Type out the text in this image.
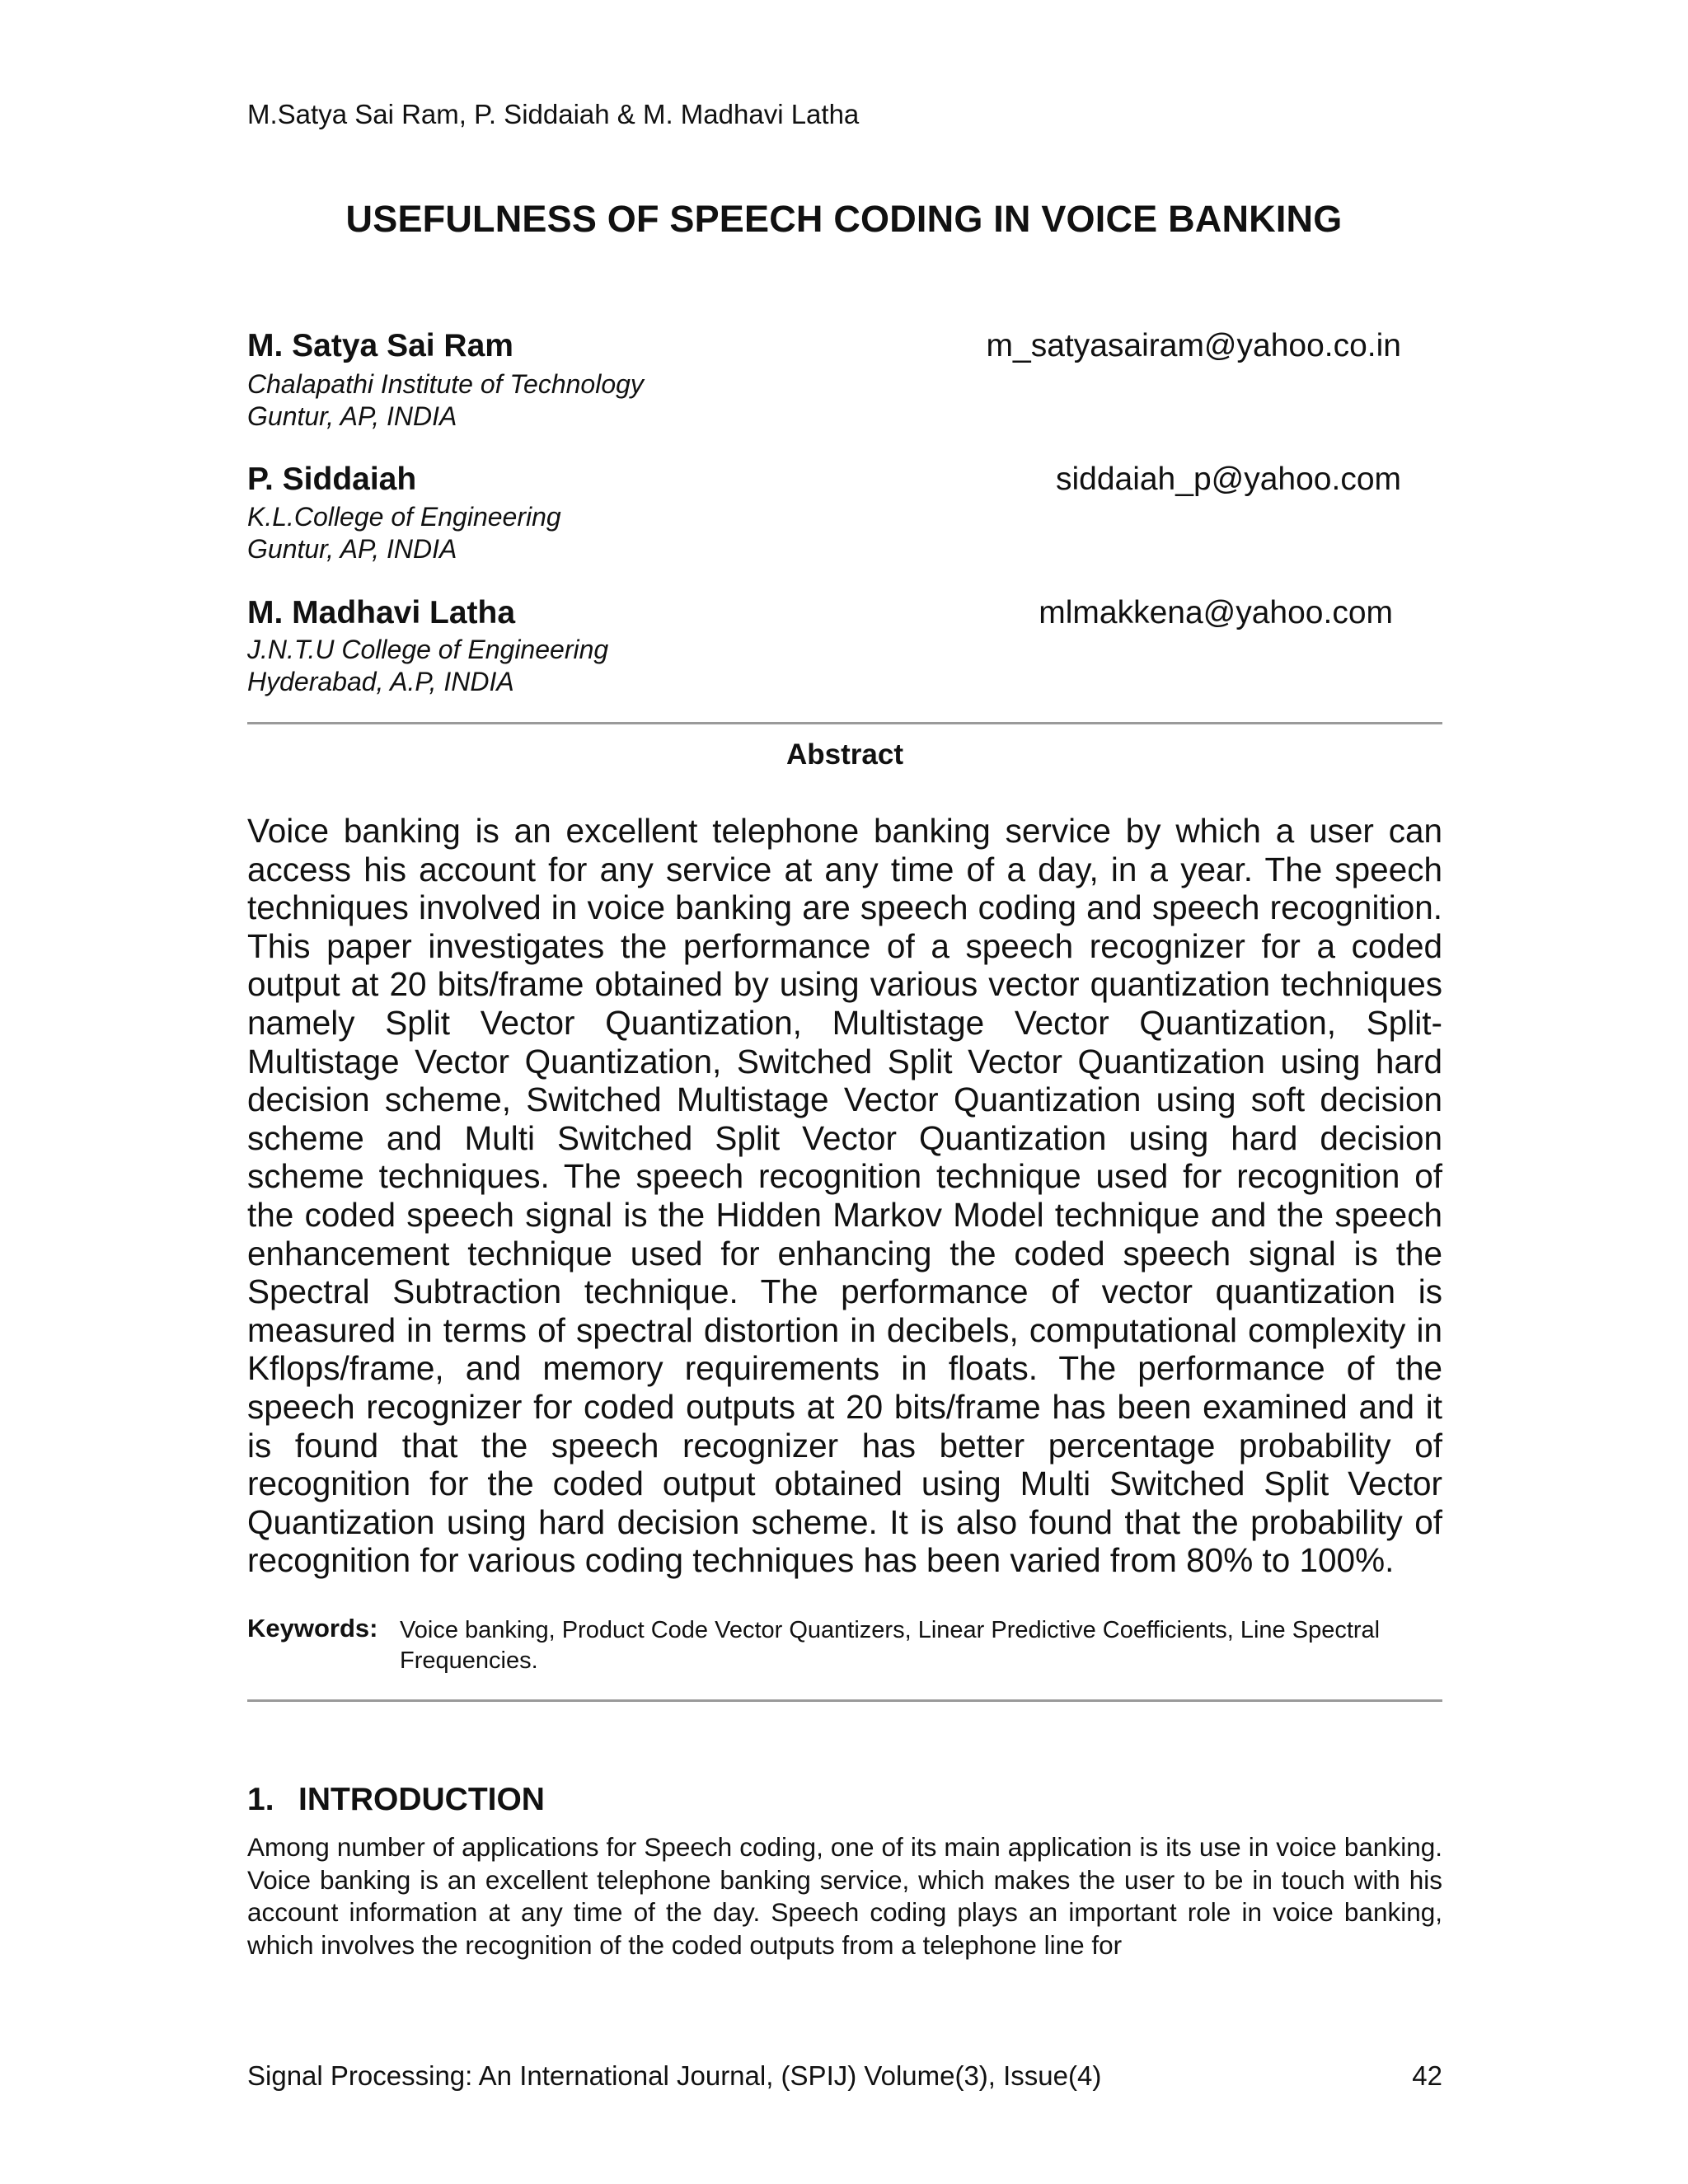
M.Satya Sai Ram, P. Siddaiah & M. Madhavi Latha
USEFULNESS OF SPEECH CODING IN VOICE BANKING
M. Satya Sai Ram	m_satyasairam@yahoo.co.in
Chalapathi Institute of Technology
Guntur, AP, INDIA
P. Siddaiah	siddaiah_p@yahoo.com
K.L.College of Engineering
Guntur, AP, INDIA
M. Madhavi Latha	mlmakkena@yahoo.com
J.N.T.U College of Engineering
Hyderabad, A.P, INDIA
Abstract
Voice banking is an excellent telephone banking service by which a user can access his account for any service at any time of a day, in a year. The speech techniques involved in voice banking are speech coding and speech recognition. This paper investigates the performance of a speech recognizer for a coded output at 20 bits/frame obtained by using various vector quantization techniques namely Split Vector Quantization, Multistage Vector Quantization, Split-Multistage Vector Quantization, Switched Split Vector Quantization using hard decision scheme, Switched Multistage Vector Quantization using soft decision scheme and Multi Switched Split Vector Quantization using hard decision scheme techniques. The speech recognition technique used for recognition of the coded speech signal is the Hidden Markov Model technique and the speech enhancement technique used for enhancing the coded speech signal is the Spectral Subtraction technique. The performance of vector quantization is measured in terms of spectral distortion in decibels, computational complexity in Kflops/frame, and memory requirements in floats. The performance of the speech recognizer for coded outputs at 20 bits/frame has been examined and it is found that the speech recognizer has better percentage probability of recognition for the coded output obtained using Multi Switched Split Vector Quantization using hard decision scheme. It is also found that the probability of recognition for various coding techniques has been varied from 80% to 100%.
Keywords: Voice banking, Product Code Vector Quantizers, Linear Predictive Coefficients, Line Spectral Frequencies.
1. INTRODUCTION
Among number of applications for Speech coding, one of its main application is its use in voice banking. Voice banking is an excellent telephone banking service, which makes the user to be in touch with his account information at any time of the day. Speech coding plays an important role in voice banking, which involves the recognition of the coded outputs from a telephone line for
Signal Processing: An International Journal, (SPIJ) Volume(3), Issue(4)	42
